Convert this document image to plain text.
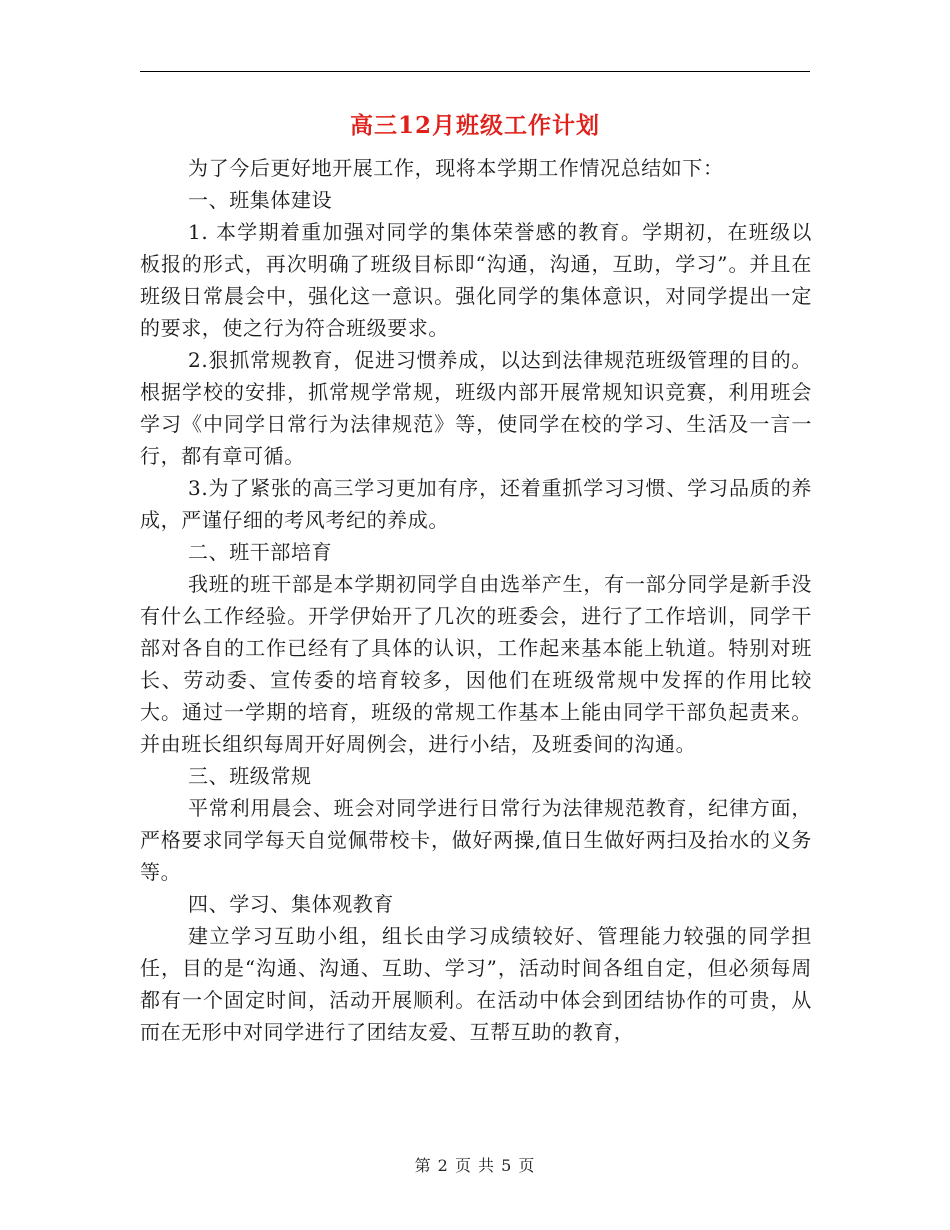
高三12月班级工作计划

为了今后更好地开展工作，现将本学期工作情况总结如下：

一、班集体建设

1. 本学期着重加强对同学的集体荣誉感的教育。学期初，在班级以板报的形式，再次明确了班级目标即“沟通，沟通，互助，学习”。并且在班级日常晨会中，强化这一意识。强化同学的集体意识，对同学提出一定的要求，使之行为符合班级要求。

2.狠抓常规教育，促进习惯养成，以达到法律规范班级管理的目的。根据学校的安排，抓常规学常规，班级内部开展常规知识竞赛，利用班会学习《中同学日常行为法律规范》等，使同学在校的学习、生活及一言一行，都有章可循。

3.为了紧张的高三学习更加有序，还着重抓学习习惯、学习品质的养成，严谨仔细的考风考纪的养成。

二、班干部培育

我班的班干部是本学期初同学自由选举产生，有一部分同学是新手没有什么工作经验。开学伊始开了几次的班委会，进行了工作培训，同学干部对各自的工作已经有了具体的认识，工作起来基本能上轨道。特别对班长、劳动委、宣传委的培育较多，因他们在班级常规中发挥的作用比较大。通过一学期的培育，班级的常规工作基本上能由同学干部负起责来。并由班长组织每周开好周例会，进行小结，及班委间的沟通。

三、班级常规

平常利用晨会、班会对同学进行日常行为法律规范教育，纪律方面，严格要求同学每天自觉佩带校卡，做好两操,值日生做好两扫及抬水的义务等。

四、学习、集体观教育

建立学习互助小组，组长由学习成绩较好、管理能力较强的同学担任，目的是“沟通、沟通、互助、学习”，活动时间各组自定，但必须每周都有一个固定时间，活动开展顺利。在活动中体会到团结协作的可贵，从而在无形中对同学进行了团结友爱、互帮互助的教育，

第 2 页 共 5 页
